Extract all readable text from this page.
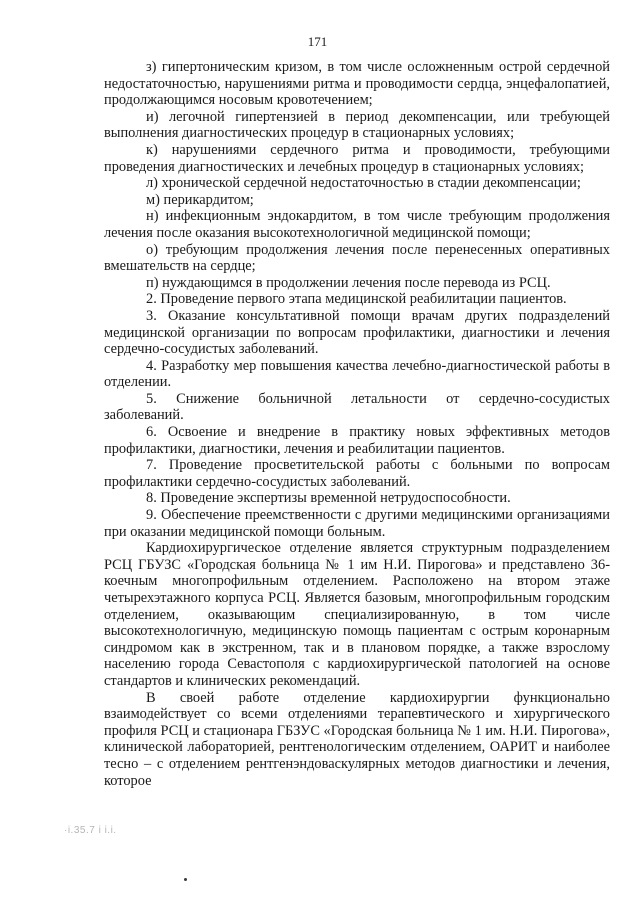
171

з) гипертоническим кризом, в том числе осложненным острой сердечной недостаточностью, нарушениями ритма и проводимости сердца, энцефалопатией, продолжающимся носовым кровотечением;

и) легочной гипертензией в период декомпенсации, или требующей выполнения диагностических процедур в стационарных условиях;

к) нарушениями сердечного ритма и проводимости, требующими проведения диагностических и лечебных процедур в стационарных условиях;

л) хронической сердечной недостаточностью в стадии декомпенсации;

м) перикардитом;

н) инфекционным эндокардитом, в том числе требующим продолжения лечения после оказания высокотехнологичной медицинской помощи;

о) требующим продолжения лечения после перенесенных оперативных вмешательств на сердце;

п) нуждающимся в продолжении лечения после перевода из РСЦ.

2. Проведение первого этапа медицинской реабилитации пациентов.

3. Оказание консультативной помощи врачам других подразделений медицинской организации по вопросам профилактики, диагностики и лечения сердечно-сосудистых заболеваний.

4. Разработку мер повышения качества лечебно-диагностической работы в отделении.

5. Снижение больничной летальности от сердечно-сосудистых заболеваний.

6. Освоение и внедрение в практику новых эффективных методов профилактики, диагностики, лечения и реабилитации пациентов.

7. Проведение просветительской работы с больными по вопросам профилактики сердечно-сосудистых заболеваний.

8. Проведение экспертизы временной нетрудоспособности.

9. Обеспечение преемственности с другими медицинскими организациями при оказании медицинской помощи больным.

Кардиохирургическое отделение является структурным подразделением РСЦ ГБУЗС «Городская больница № 1 им Н.И. Пирогова» и представлено 36-коечным многопрофильным отделением. Расположено на втором этаже четырехэтажного корпуса РСЦ. Является базовым, многопрофильным городским отделением, оказывающим специализированную, в том числе высокотехнологичную, медицинскую помощь пациентам с острым коронарным синдромом как в экстренном, так и в плановом порядке, а также взрослому населению города Севастополя с кардиохирургической патологией на основе стандартов и клинических рекомендаций.

В своей работе отделение кардиохирургии функционально взаимодействует со всеми отделениями терапевтического и хирургического профиля РСЦ и стационара ГБЗУС «Городская больница № 1 им. Н.И. Пирогова», клинической лабораторией, рентгенологическим отделением, ОАРИТ и наиболее тесно – с отделением рентгенэндоваскулярных методов диагностики и лечения, которое

·i.35.7 i i.i.
